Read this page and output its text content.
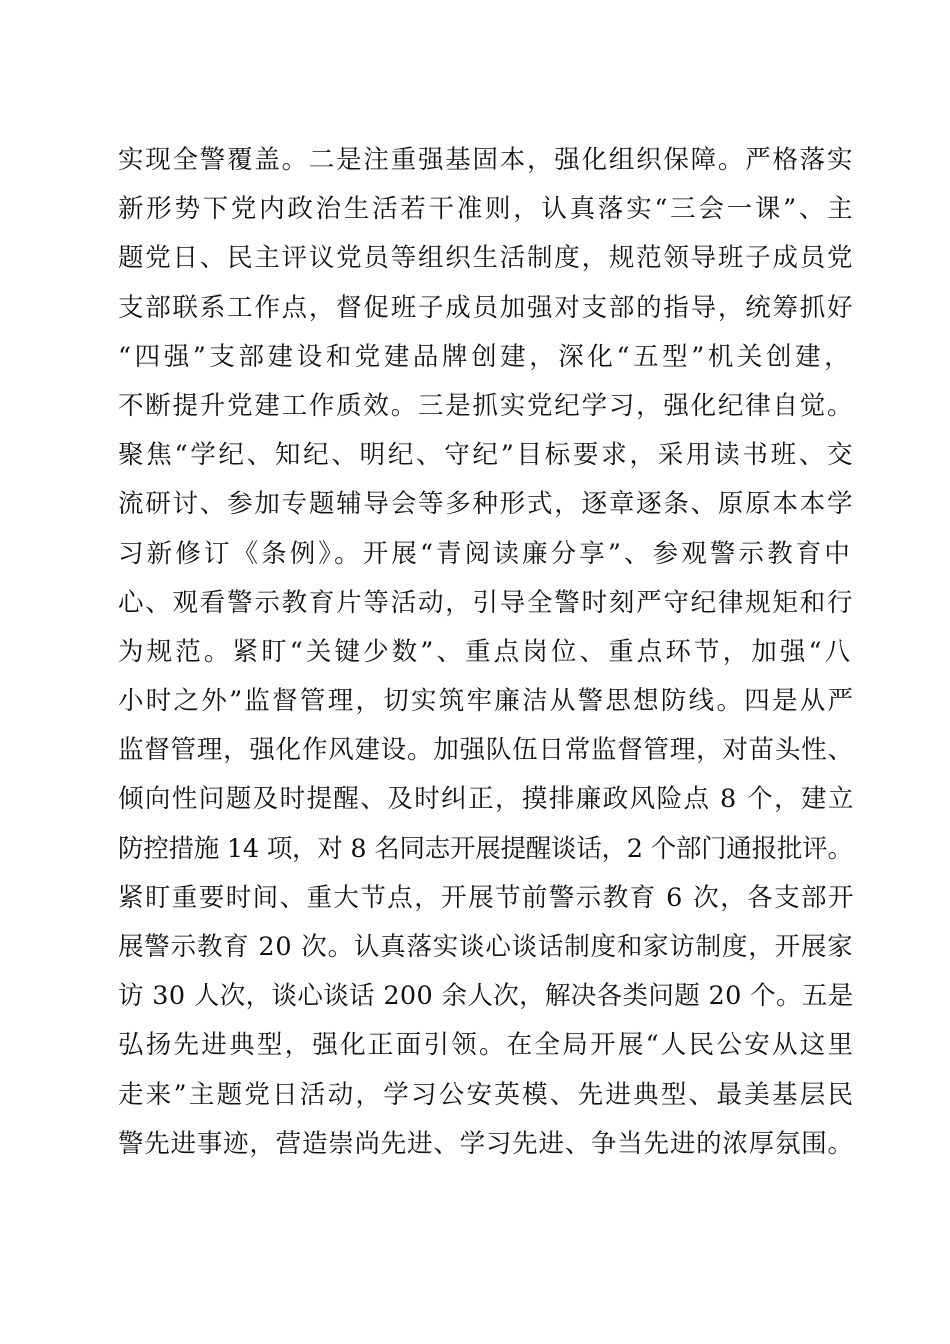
实现全警覆盖。二是注重强基固本，强化组织保障。严格落实
新形势下党内政治生活若干准则，认真落实“三会一课”、主
题党日、民主评议党员等组织生活制度，规范领导班子成员党
支部联系工作点，督促班子成员加强对支部的指导，统筹抓好
“四强”支部建设和党建品牌创建，深化“五型”机关创建，
不断提升党建工作质效。三是抓实党纪学习，强化纪律自觉。
聚焦“学纪、知纪、明纪、守纪”目标要求，采用读书班、交
流研讨、参加专题辅导会等多种形式，逐章逐条、原原本本学
习新修订《条例》。开展“青阅读廉分享”、参观警示教育中
心、观看警示教育片等活动，引导全警时刻严守纪律规矩和行
为规范。紧盯“关键少数”、重点岗位、重点环节，加强“八
小时之外”监督管理，切实筑牢廉洁从警思想防线。四是从严
监督管理，强化作风建设。加强队伍日常监督管理，对苗头性、
倾向性问题及时提醒、及时纠正，摸排廉政风险点 8 个，建立
防控措施 14 项，对 8 名同志开展提醒谈话，2 个部门通报批评。
紧盯重要时间、重大节点，开展节前警示教育 6 次，各支部开
展警示教育 20 次。认真落实谈心谈话制度和家访制度，开展家
访 30 人次，谈心谈话 200 余人次，解决各类问题 20 个。五是
弘扬先进典型，强化正面引领。在全局开展“人民公安从这里
走来”主题党日活动，学习公安英模、先进典型、最美基层民
警先进事迹，营造崇尚先进、学习先进、争当先进的浓厚氛围。
